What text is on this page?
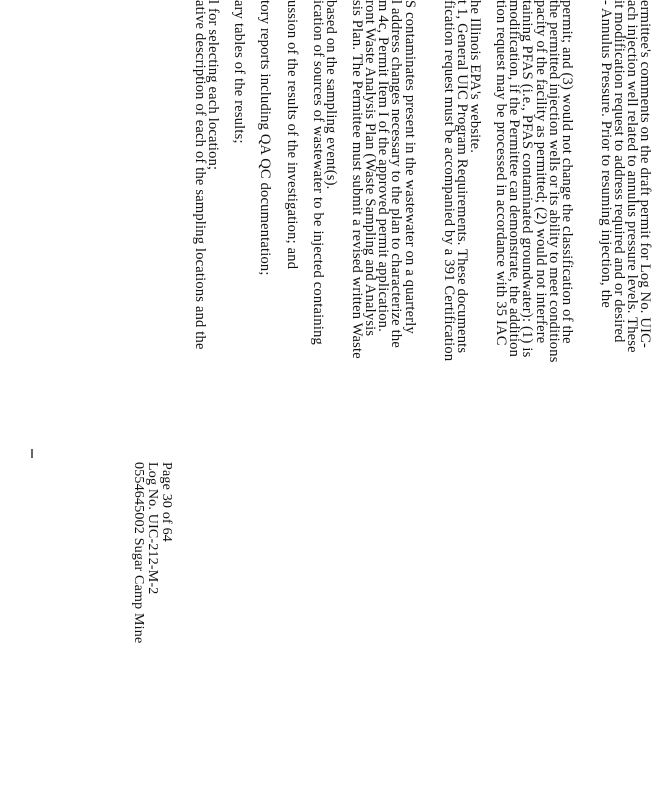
0554645002 Sugar Camp Mine Log No. UIC-212-M-2 Page 30 of 64
ative description of each of the sampling locations and the
l for selecting each location; ary tables of the results; tory reports including QA QC documentation; ussion of the results of the investigation; and ication of sources of wastewater to be injected containing
based on the sampling event(s). sis Plan. The Permittee must submit a revised written Waste
ront Waste Analysis Plan (Waste Sampling and Analysis
m 4c, Permit Item I of the approved permit application.
l address changes necessary to the plan to characterize the
S contaminates present in the wastewater on a quarterly fication request must be accompanied by a 391 Certification
t 1, General UIC Program Requirements. These documents
he Illinois EPA's website. tion request may be processed in accordance with 35 IAC
modification, if the Permittee can demonstrate, the addition
taining PFAS (i.e., PFAS contaminated groundwater): (1) is
pacity of the facility as permitted; (2) would not interfere
the permitted injection wells or its ability to meet conditions
permit; and (3) would not change the classification of the - Annulus Pressure. Prior to resuming injection, the
it modification request to address required and or desired
ach injection well related to annulus pressure levels. These
ermittee's comments on the draft permit for Log No. UIC-
